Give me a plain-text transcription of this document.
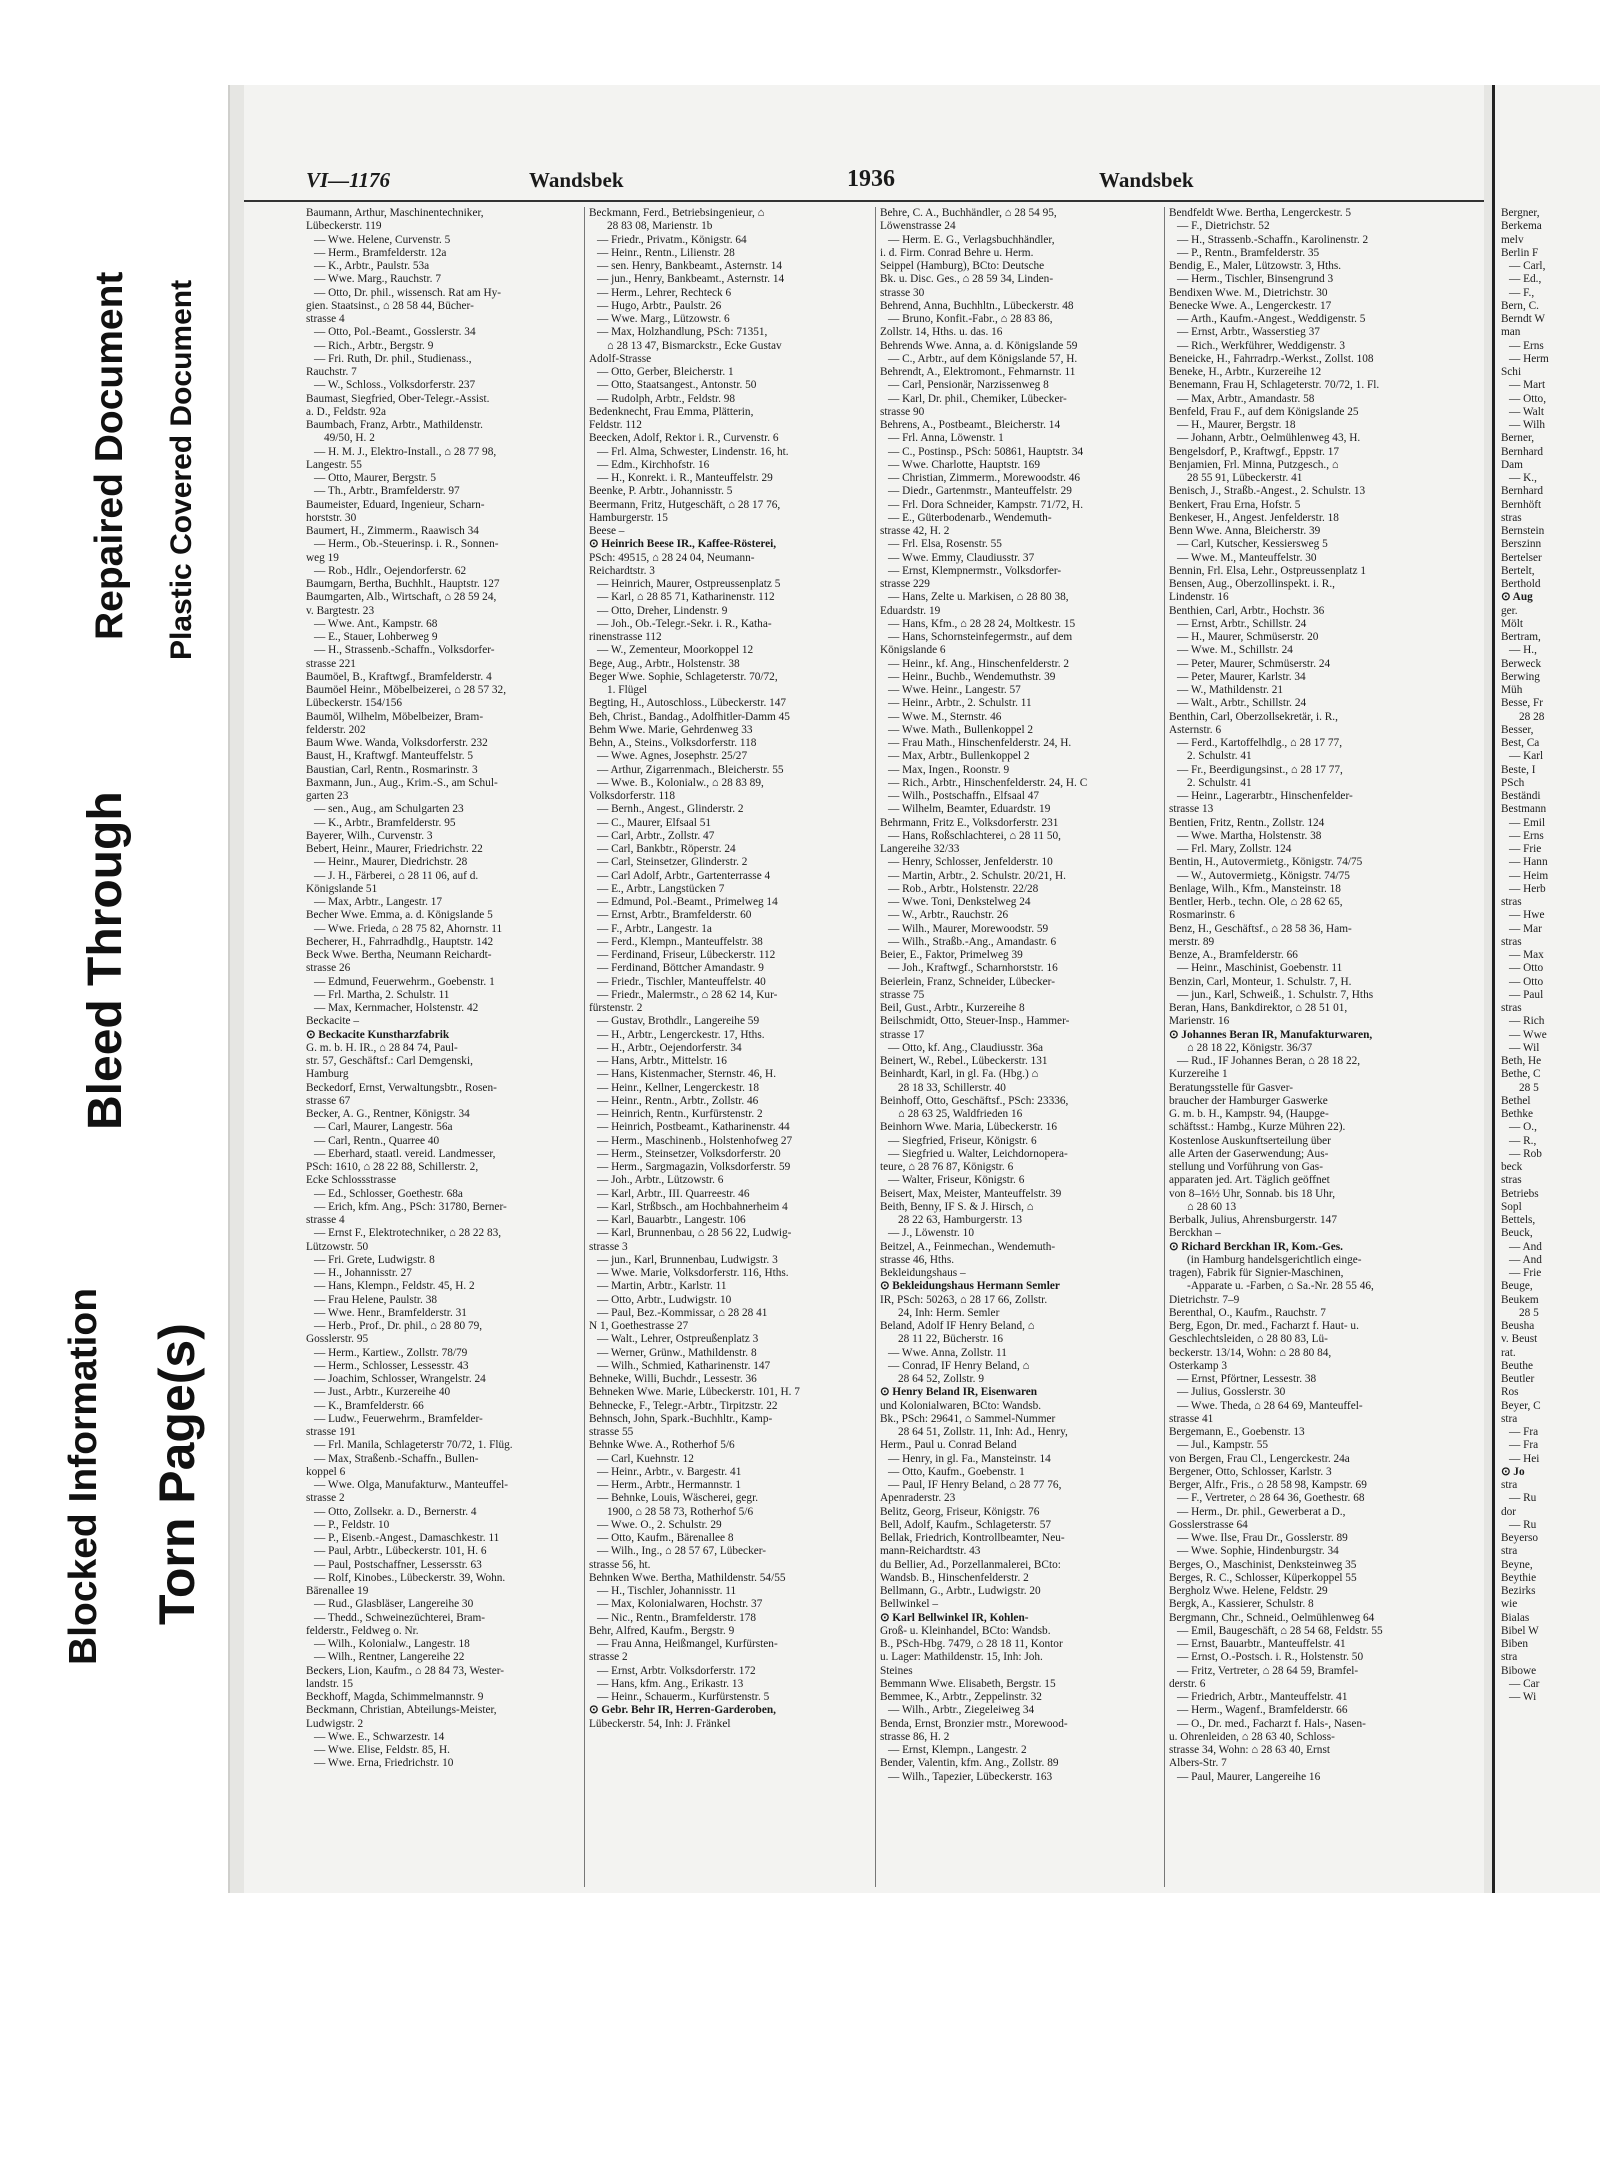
Repaired Document Plastic Covered Document
Bleed Through
Blocked Information Torn Page(s)
VI—1176	Wandsbek	1936	Wandsbek
Baumann, Arthur, Maschinentechniker,
Lübeckerstr. 119
— Wwe. Helene, Curvenstr. 5
— Herm., Bramfelderstr. 12a
— K., Arbtr., Paulstr. 53a
— Wwe. Marg., Rauchstr. 7
— Otto, Dr. phil., wissensch. Rat am Hy-
gien. Staatsinst., ⌂ 28 58 44, Bücher-
strasse 4
— Otto, Pol.-Beamt., Gosslerstr. 34
— Rich., Arbtr., Bergstr. 9
— Fri. Ruth, Dr. phil., Studienass.,
Rauchstr. 7
— W., Schloss., Volksdorferstr. 237
Baumast, Siegfried, Ober-Telegr.-Assist.
a. D., Feldstr. 92a
Baumbach, Franz, Arbtr., Mathildenstr.
49/50, H. 2
— H. M. J., Elektro-Install., ⌂ 28 77 98,
Langestr. 55
— Otto, Maurer, Bergstr. 5
— Th., Arbtr., Bramfelderstr. 97
Baumeister, Eduard, Ingenieur, Scharn-
horststr. 30
Baumert, H., Zimmerm., Raawisch 34
— Herm., Ob.-Steuerinsp. i. R., Sonnen-
weg 19
— Rob., Hdlr., Oejendorferstr. 62
Baumgarn, Bertha, Buchhlt., Hauptstr. 127
Baumgarten, Alb., Wirtschaft, ⌂ 28 59 24,
v. Bargtestr. 23
— Wwe. Ant., Kampstr. 68
— E., Stauer, Lohberweg 9
— H., Strassenb.-Schaffn., Volksdorfer-
strasse 221
Baumöel, B., Kraftwgf., Bramfelderstr. 4
Baumöel Heinr., Möbelbeizerei, ⌂ 28 57 32,
Lübeckerstr. 154/156
Baumöl, Wilhelm, Möbelbeizer, Bram-
felderstr. 202
Baum Wwe. Wanda, Volksdorferstr. 232
Baust, H., Kraftwgf. Manteuffelstr. 5
Baustian, Carl, Rentn., Rosmarinstr. 3
Baxmann, Jun., Aug., Krim.-S., am Schul-
garten 23
— sen., Aug., am Schulgarten 23
— K., Arbtr., Bramfelderstr. 95
Bayerer, Wilh., Curvenstr. 3
Bebert, Heinr., Maurer, Friedrichstr. 22
— Heinr., Maurer, Diedrichstr. 28
— J. H., Färberei, ⌂ 28 11 06, auf d.
Königslande 51
— Max, Arbtr., Langestr. 17
Becher Wwe. Emma, a. d. Königslande 5
— Wwe. Frieda, ⌂ 28 75 82, Ahornstr. 11
Becherer, H., Fahrradhdlg., Hauptstr. 142
Beck Wwe. Bertha, Neumann Reichardt-
strasse 26
— Edmund, Feuerwehrm., Goebenstr. 1
— Frl. Martha, 2. Schulstr. 11
— Max, Kernmacher, Holstenstr. 42
Beckacite –
⊙ Beckacite Kunstharzfabrik
G. m. b. H. IR., ⌂ 28 84 74, Paul-
str. 57, Geschäftsf.: Carl Demgenski,
Hamburg
Beckedorf, Ernst, Verwaltungsbtr., Rosen-
strasse 67
Becker, A. G., Rentner, Königstr. 34
— Carl, Maurer, Langestr. 56a
— Carl, Rentn., Quarree 40
— Eberhard, staatl. vereid. Landmesser,
PSch: 1610, ⌂ 28 22 88, Schillerstr. 2,
Ecke Schlossstrasse
— Ed., Schlosser, Goethestr. 68a
— Erich, kfm. Ang., PSch: 31780, Berner-
strasse 4
— Ernst F., Elektrotechniker, ⌂ 28 22 83,
Lützowstr. 50
— Fri. Grete, Ludwigstr. 8
— H., Johannisstr. 27
— Hans, Klempn., Feldstr. 45, H. 2
— Frau Helene, Paulstr. 38
— Wwe. Henr., Bramfelderstr. 31
— Herb., Prof., Dr. phil., ⌂ 28 80 79,
Gosslerstr. 95
— Herm., Kartiew., Zollstr. 78/79
— Herm., Schlosser, Lessesstr. 43
— Joachim, Schlosser, Wrangelstr. 24
— Just., Arbtr., Kurzereihe 40
— K., Bramfelderstr. 66
— Ludw., Feuerwehrm., Bramfelder-
strasse 191
— Frl. Manila, Schlageterstr 70/72, 1. Flüg.
— Max, Straßenb.-Schaffn., Bullen-
koppel 6
— Wwe. Olga, Manufakturw., Manteuffel-
strasse 2
— Otto, Zollsekr. a. D., Bernerstr. 4
— P., Feldstr. 10
— P., Eisenb.-Angest., Damaschkestr. 11
— Paul, Arbtr., Lübeckerstr. 101, H. 6
— Paul, Postschaffner, Lessersstr. 63
— Rolf, Kinobes., Lübeckerstr. 39, Wohn.
Bärenallee 19
— Rud., Glasbläser, Langereihe 30
— Thedd., Schweinezüchterei, Bram-
felderstr., Feldweg o. Nr.
— Wilh., Kolonialw., Langestr. 18
— Wilh., Rentner, Langereihe 22
Beckers, Lion, Kaufm., ⌂ 28 84 73, Wester-
landstr. 15
Beckhoff, Magda, Schimmelmannstr. 9
Beckmann, Christian, Abteilungs-Meister,
Ludwigstr. 2
— Wwe. E., Schwarzestr. 14
— Wwe. Elise, Feldstr. 85, H.
— Wwe. Erna, Friedrichstr. 10
Beckmann, Ferd., Betriebsingenieur, ⌂
28 83 08, Marienstr. 1b
— Friedr., Privatm., Königstr. 64
— Heinr., Rentn., Lilienstr. 28
— sen. Henry, Bankbeamt., Asternstr. 14
— jun., Henry, Bankbeamt., Asternstr. 14
— Herm., Lehrer, Rechteck 6
— Hugo, Arbtr., Paulstr. 26
— Wwe. Marg., Lützowstr. 6
— Max, Holzhandlung, PSch: 71351,
⌂ 28 13 47, Bismarckstr., Ecke Gustav
Adolf-Strasse
— Otto, Gerber, Bleicherstr. 1
— Otto, Staatsangest., Antonstr. 50
— Rudolph, Arbtr., Feldstr. 98
Bedenknecht, Frau Emma, Plätterin,
Feldstr. 112
Beecken, Adolf, Rektor i. R., Curvenstr. 6
— Frl. Alma, Schwester, Lindenstr. 16, ht.
— Edm., Kirchhofstr. 16
— H., Konrekt. i. R., Manteuffelstr. 29
Beenke, P. Arbtr., Johannisstr. 5
Beermann, Fritz, Hutgeschäft, ⌂ 28 17 76,
Hamburgerstr. 15
Beese –
⊙ Heinrich Beese IR., Kaffee-Rösterei,
PSch: 49515, ⌂ 28 24 04, Neumann-
Reichardtstr. 3
— Heinrich, Maurer, Ostpreussenplatz 5
— Karl, ⌂ 28 85 71, Katharinenstr. 112
— Otto, Dreher, Lindenstr. 9
— Joh., Ob.-Telegr.-Sekr. i. R., Katha-
rinenstrasse 112
— W., Zementeur, Moorkoppel 12
Bege, Aug., Arbtr., Holstenstr. 38
Beger Wwe. Sophie, Schlageterstr. 70/72,
1. Flügel
Begting, H., Autoschloss., Lübeckerstr. 147
Beh, Christ., Bandag., Adolfhitler-Damm 45
Behm Wwe. Marie, Gehrdenweg 33
Behn, A., Steins., Volksdorferstr. 118
— Wwe. Agnes, Josephstr. 25/27
— Arthur, Zigarrenmach., Bleicherstr. 55
— Wwe. B., Kolonialw., ⌂ 28 83 89,
Volksdorferstr. 118
— Bernh., Angest., Glinderstr. 2
— C., Maurer, Elfsaal 51
— Carl, Arbtr., Zollstr. 47
— Carl, Bankbtr., Röperstr. 24
— Carl, Steinsetzer, Glinderstr. 2
— Carl Adolf, Arbtr., Gartenterrasse 4
— E., Arbtr., Langstücken 7
— Edmund, Pol.-Beamt., Primelweg 14
— Ernst, Arbtr., Bramfelderstr. 60
— F., Arbtr., Langestr. 1a
— Ferd., Klempn., Manteuffelstr. 38
— Ferdinand, Friseur, Lübeckerstr. 112
— Ferdinand, Böttcher Amandastr. 9
— Friedr., Tischler, Manteuffelstr. 40
— Friedr., Malermstr., ⌂ 28 62 14, Kur-
fürstenstr. 2
— Gustav, Brothdlr., Langereihe 59
— H., Arbtr., Lengerckestr. 17, Hths.
— H., Arbtr., Oejendorferstr. 34
— Hans, Arbtr., Mittelstr. 16
— Hans, Kistenmacher, Sternstr. 46, H.
— Heinr., Kellner, Lengerckestr. 18
— Heinr., Rentn., Arbtr., Zollstr. 46
— Heinrich, Rentn., Kurfürstenstr. 2
— Heinrich, Postbeamt., Katharinenstr. 44
— Herm., Maschinenb., Holstenhofweg 27
— Herm., Steinsetzer, Volksdorferstr. 20
— Herm., Sargmagazin, Volksdorferstr. 59
— Joh., Arbtr., Lützowstr. 6
— Karl, Arbtr., III. Quarreestr. 46
— Karl, Strßbsch., am Hochbahnerheim 4
— Karl, Bauarbtr., Langestr. 106
— Karl, Brunnenbau, ⌂ 28 56 22, Ludwig-
strasse 3
— jun., Karl, Brunnenbau, Ludwigstr. 3
— Wwe. Marie, Volksdorferstr. 116, Hths.
— Martin, Arbtr., Karlstr. 11
— Otto, Arbtr., Ludwigstr. 10
— Paul, Bez.-Kommissar, ⌂ 28 28 41
N 1, Goethestrasse 27
— Walt., Lehrer, Ostpreußenplatz 3
— Werner, Grünw., Mathildenstr. 8
— Wilh., Schmied, Katharinenstr. 147
Behneke, Willi, Buchdr., Lessestr. 36
Behneken Wwe. Marie, Lübeckerstr. 101, H. 7
Behnecke, F., Telegr.-Arbtr., Tirpitzstr. 22
Behnsch, John, Spark.-Buchhltr., Kamp-
strasse 55
Behnke Wwe. A., Rotherhof 5/6
— Carl, Kuehnstr. 12
— Heinr., Arbtr., v. Bargestr. 41
— Herm., Arbtr., Hermannstr. 1
— Behnke, Louis, Wäscherei, gegr.
1900, ⌂ 28 58 73, Rotherhof 5/6
— Wwe. O., 2. Schulstr. 29
— Otto, Kaufm., Bärenallee 8
— Wilh., Ing., ⌂ 28 57 67, Lübecker-
strasse 56, ht.
Behnken Wwe. Bertha, Mathildenstr. 54/55
— H., Tischler, Johannisstr. 11
— Max, Kolonialwaren, Hochstr. 37
— Nic., Rentn., Bramfelderstr. 178
Behr, Alfred, Kaufm., Bergstr. 9
— Frau Anna, Heißmangel, Kurfürsten-
strasse 2
— Ernst, Arbtr. Volksdorferstr. 172
— Hans, kfm. Ang., Erikastr. 13
— Heinr., Schauerm., Kurfürstenstr. 5
⊙ Gebr. Behr IR, Herren-Garderoben,
Lübeckerstr. 54, Inh: J. Fränkel
Behre, C. A., Buchhändler, ⌂ 28 54 95,
Löwenstrasse 24
— Herm. E. G., Verlagsbuchhändler,
i. d. Firm. Conrad Behre u. Herm.
Seippel (Hamburg), BCto: Deutsche
Bk. u. Disc. Ges., ⌂ 28 59 34, Linden-
strasse 30
Behrend, Anna, Buchhltn., Lübeckerstr. 48
— Bruno, Konfit.-Fabr., ⌂ 28 83 86,
Zollstr. 14, Hths. u. das. 16
Behrends Wwe. Anna, a. d. Königslande 59
— C., Arbtr., auf dem Königslande 57, H.
Behrendt, A., Elektromont., Fehmarnstr. 11
— Carl, Pensionär, Narzissenweg 8
— Karl, Dr. phil., Chemiker, Lübecker-
strasse 90
Behrens, A., Postbeamt., Bleicherstr. 14
— Frl. Anna, Löwenstr. 1
— C., Postinsp., PSch: 50861, Hauptstr. 34
— Wwe. Charlotte, Hauptstr. 169
— Christian, Zimmerm., Morewoodstr. 46
— Diedr., Gartenmstr., Manteuffelstr. 29
— Frl. Dora Schneider, Kampstr. 71/72, H.
— E., Güterbodenarb., Wendemuth-
strasse 42, H. 2
— Frl. Elsa, Rosenstr. 55
— Wwe. Emmy, Claudiusstr. 37
— Ernst, Klempnermstr., Volksdorfer-
strasse 229
— Hans, Zelte u. Markisen, ⌂ 28 80 38,
Eduardstr. 19
— Hans, Kfm., ⌂ 28 28 24, Moltkestr. 15
— Hans, Schornsteinfegermstr., auf dem
Königslande 6
— Heinr., kf. Ang., Hinschenfelderstr. 2
— Heinr., Buchb., Wendemuthstr. 39
— Wwe. Heinr., Langestr. 57
— Heinr., Arbtr., 2. Schulstr. 11
— Wwe. M., Sternstr. 46
— Wwe. Math., Bullenkoppel 2
— Frau Math., Hinschenfelderstr. 24, H.
— Max, Arbtr., Bullenkoppel 2
— Max, Ingen., Roonstr. 9
— Rich., Arbtr., Hinschenfelderstr. 24, H. C
— Wilh., Postschaffn., Elfsaal 47
— Wilhelm, Beamter, Eduardstr. 19
Behrmann, Fritz E., Volksdorferstr. 231
— Hans, Roßschlachterei, ⌂ 28 11 50,
Langereihe 32/33
— Henry, Schlosser, Jenfelderstr. 10
— Martin, Arbtr., 2. Schulstr. 20/21, H.
— Rob., Arbtr., Holstenstr. 22/28
— Wwe. Toni, Denkstelweg 24
— W., Arbtr., Rauchstr. 26
— Wilh., Maurer, Morewoodstr. 59
— Wilh., Straßb.-Ang., Amandastr. 6
Beier, E., Faktor, Primelweg 39
— Joh., Kraftwgf., Scharnhorststr. 16
Beierlein, Franz, Schneider, Lübecker-
strasse 75
Beil, Gust., Arbtr., Kurzereihe 8
Beilschmidt, Otto, Steuer-Insp., Hammer-
strasse 17
— Otto, kf. Ang., Claudiusstr. 36a
Beinert, W., Rebel., Lübeckerstr. 131
Beinhardt, Karl, in gl. Fa. (Hbg.) ⌂
28 18 33, Schillerstr. 40
Beinhoff, Otto, Geschäftsf., PSch: 23336,
⌂ 28 63 25, Waldfrieden 16
Beinhorn Wwe. Maria, Lübeckerstr. 16
— Siegfried, Friseur, Königstr. 6
— Siegfried u. Walter, Leichdornopera-
teure, ⌂ 28 76 87, Königstr. 6
— Walter, Friseur, Königstr. 6
Beisert, Max, Meister, Manteuffelstr. 39
Beith, Benny, IF S. & J. Hirsch, ⌂
28 22 63, Hamburgerstr. 13
— J., Löwenstr. 10
Beitzel, A., Feinmechan., Wendemuth-
strasse 46, Hths.
Bekleidungshaus –
⊙ Bekleidungshaus Hermann Semler
IR, PSch: 50263, ⌂ 28 17 66, Zollstr.
24, Inh: Herm. Semler
Beland, Adolf IF Henry Beland, ⌂
28 11 22, Bücherstr. 16
— Wwe. Anna, Zollstr. 11
— Conrad, IF Henry Beland, ⌂
28 64 52, Zollstr. 9
⊙ Henry Beland IR, Eisenwaren
und Kolonialwaren, BCto: Wandsb.
Bk., PSch: 29641, ⌂ Sammel-Nummer
28 64 51, Zollstr. 11, Inh: Ad., Henry,
Herm., Paul u. Conrad Beland
— Henry, in gl. Fa., Mansteinstr. 14
— Otto, Kaufm., Goebenstr. 1
— Paul, IF Henry Beland, ⌂ 28 77 76,
Apenraderstr. 23
Belitz, Georg, Friseur, Königstr. 76
Bell, Adolf, Kaufm., Schlageterstr. 57
Bellak, Friedrich, Kontrollbeamter, Neu-
mann-Reichardtstr. 43
du Bellier, Ad., Porzellanmalerei, BCto:
Wandsb. B., Hinschenfelderstr. 2
Bellmann, G., Arbtr., Ludwigstr. 20
Bellwinkel –
⊙ Karl Bellwinkel IR, Kohlen-
Groß- u. Kleinhandel, BCto: Wandsb.
B., PSch-Hbg. 7479, ⌂ 28 18 11, Kontor
u. Lager: Mathildenstr. 15, Inh: Joh.
Steines
Bemmann Wwe. Elisabeth, Bergstr. 15
Bemmee, K., Arbtr., Zeppelinstr. 32
— Wilh., Arbtr., Ziegeleiweg 34
Benda, Ernst, Bronzier mstr., Morewood-
strasse 86, H. 2
— Ernst, Klempn., Langestr. 2
Bender, Valentin, kfm. Ang., Zollstr. 89
— Wilh., Tapezier, Lübeckerstr. 163
Bendfeldt Wwe. Bertha, Lengerckestr. 5
— F., Dietrichstr. 52
— H., Strassenb.-Schaffn., Karolinenstr. 2
— P., Rentn., Bramfelderstr. 35
Bendig, E., Maler, Lützowstr. 3, Hths.
— Herm., Tischler, Binsengrund 3
Bendixen Wwe. M., Dietrichstr. 30
Benecke Wwe. A., Lengerckestr. 17
— Arth., Kaufm.-Angest., Weddigenstr. 5
— Ernst, Arbtr., Wasserstieg 37
— Rich., Werkführer, Weddigenstr. 3
Beneicke, H., Fahrradrp.-Werkst., Zollst. 108
Beneke, H., Arbtr., Kurzereihe 12
Benemann, Frau H, Schlageterstr. 70/72, 1. Fl.
— Max, Arbtr., Amandastr. 58
Benfeld, Frau F., auf dem Königslande 25
— H., Maurer, Bergstr. 18
— Johann, Arbtr., Oelmühlenweg 43, H.
Bengelsdorf, P., Kraftwgf., Eppstr. 17
Benjamien, Frl. Minna, Putzgesch., ⌂
28 55 91, Lübeckerstr. 41
Benisch, J., Straßb.-Angest., 2. Schulstr. 13
Benkert, Frau Erna, Hofstr. 5
Benkeser, H., Angest. Jenfelderstr. 18
Benn Wwe. Anna, Bleicherstr. 39
— Carl, Kutscher, Kessiersweg 5
— Wwe. M., Manteuffelstr. 30
Bennin, Frl. Elsa, Lehr., Ostpreussenplatz 1
Bensen, Aug., Oberzollinspekt. i. R.,
Lindenstr. 16
Benthien, Carl, Arbtr., Hochstr. 36
— Ernst, Arbtr., Schillstr. 24
— H., Maurer, Schmüserstr. 20
— Wwe. M., Schillstr. 24
— Peter, Maurer, Schmüserstr. 24
— Peter, Maurer, Karlstr. 34
— W., Mathildenstr. 21
— Walt., Arbtr., Schillstr. 24
Benthin, Carl, Oberzollsekretär, i. R.,
Asternstr. 6
— Ferd., Kartoffelhdlg., ⌂ 28 17 77,
2. Schulstr. 41
— Fr., Beerdigungsinst., ⌂ 28 17 77,
2. Schulstr. 41
— Heinr., Lagerarbtr., Hinschenfelder-
strasse 13
Bentien, Fritz, Rentn., Zollstr. 124
— Wwe. Martha, Holstenstr. 38
— Frl. Mary, Zollstr. 124
Bentin, H., Autovermietg., Königstr. 74/75
— W., Autovermietg., Königstr. 74/75
Benlage, Wilh., Kfm., Mansteinstr. 18
Bentler, Herb., techn. Ole, ⌂ 28 62 65,
Rosmarinstr. 6
Benz, H., Geschäftsf., ⌂ 28 58 36, Ham-
merstr. 89
Benze, A., Bramfelderstr. 66
— Heinr., Maschinist, Goebenstr. 11
Benzin, Carl, Monteur, 1. Schulstr. 7, H.
— jun., Karl, Schweiß., 1. Schulstr. 7, Hths
Beran, Hans, Bankdirektor, ⌂ 28 51 01,
Marienstr. 16
⊙ Johannes Beran IR, Manufakturwaren,
⌂ 28 18 22, Königstr. 36/37
— Rud., IF Johannes Beran, ⌂ 28 18 22,
Kurzereihe 1
Beratungsstelle für Gasver-
braucher der Hamburger Gaswerke
G. m. b. H., Kampstr. 94, (Haupge-
schäftsst.: Hambg., Kurze Mühren 22).
Kostenlose Auskunftserteilung über
alle Arten der Gaserwendung; Aus-
stellung und Vorführung von Gas-
apparaten jed. Art. Täglich geöffnet
von 8–16½ Uhr, Sonnab. bis 18 Uhr,
⌂ 28 60 13
Berbalk, Julius, Ahrensburgerstr. 147
Berckhan –
⊙ Richard Berckhan IR, Kom.-Ges.
(in Hamburg handelsgerichtlich einge-
tragen), Fabrik für Signier-Maschinen,
-Apparate u. -Farben, ⌂ Sa.-Nr. 28 55 46,
Dietrichstr. 7–9
Berenthal, O., Kaufm., Rauchstr. 7
Berg, Egon, Dr. med., Facharzt f. Haut- u.
Geschlechtsleiden, ⌂ 28 80 83, Lü-
beckerstr. 13/14, Wohn: ⌂ 28 80 84,
Osterkamp 3
— Ernst, Pförtner, Lessestr. 38
— Julius, Gosslerstr. 30
— Wwe. Theda, ⌂ 28 64 69, Manteuffel-
strasse 41
Bergemann, E., Goebenstr. 13
— Jul., Kampstr. 55
von Bergen, Frau Cl., Lengerckestr. 24a
Bergener, Otto, Schlosser, Karlstr. 3
Berger, Alfr., Fris., ⌂ 28 58 98, Kampstr. 69
— F., Vertreter, ⌂ 28 64 36, Goethestr. 68
— Herm., Dr. phil., Gewerberat a D.,
Gosslerstrasse 64
— Wwe. Ilse, Frau Dr., Gosslerstr. 89
— Wwe. Sophie, Hindenburgstr. 34
Berges, O., Maschinist, Denksteinweg 35
Berges, R. C., Schlosser, Küperkoppel 55
Bergholz Wwe. Helene, Feldstr. 29
Bergk, A., Kassierer, Schulstr. 8
Bergmann, Chr., Schneid., Oelmühlenweg 64
— Emil, Baugeschäft, ⌂ 28 54 68, Feldstr. 55
— Ernst, Bauarbtr., Manteuffelstr. 41
— Ernst, O.-Postsch. i. R., Holstenstr. 50
— Fritz, Vertreter, ⌂ 28 64 59, Bramfel-
derstr. 6
— Friedrich, Arbtr., Manteuffelstr. 41
— Herm., Wagenf., Bramfelderstr. 66
— O., Dr. med., Facharzt f. Hals-, Nasen-
u. Ohrenleiden, ⌂ 28 63 40, Schloss-
strasse 34, Wohn: ⌂ 28 63 40, Ernst
Albers-Str. 7
— Paul, Maurer, Langereihe 16
Bergner,
Berkema
melv
Berlin F
— Carl,
— Ed.,
— F.,
Bern, C.
Berndt W
man
— Erns
— Herm
Schi
— Mart
— Otto,
— Walt
— Wilh
Berner,
Bernhard
Dam
— K.,
Bernhard
Bernhöft
stras
Bernstein
Berszinn
Bertelser
Bertelt,
Berthold
⊙ Aug
ger.
Mölt
Bertram,
— H.,
Berweck
Berwing
Müh
Besse, Fr
28 28
Besser,
Best, Ca
— Karl
Beste, I
PSch
Beständi
Bestmann
— Emil
— Erns
— Frie
— Hann
— Heim
— Herb
stras
— Hwe
— Mar
stras
— Max
— Otto
— Otto
— Paul
stras
— Rich
— Wwe
— Wil
Beth, He
Bethe, C
28 5
Bethel
Bethke
— O.,
— R.,
— Rob
beck
stras
Betriebs
Sopl
Bettels,
Beuck,
— And
— And
— Frie
Beuge,
Beukem
28 5
Beusha
v. Beust
rat.
Beuthe
Beutler
Ros
Beyer, C
stra
— Fra
— Fra
— Hei
⊙ Jo
stra
— Ru
dor
— Ru
Beyerso
stra
Beyne,
Beythie
Bezirks
wie
Bialas
Bibel W
Biben
stra
Bibowe
— Car
— Wi
